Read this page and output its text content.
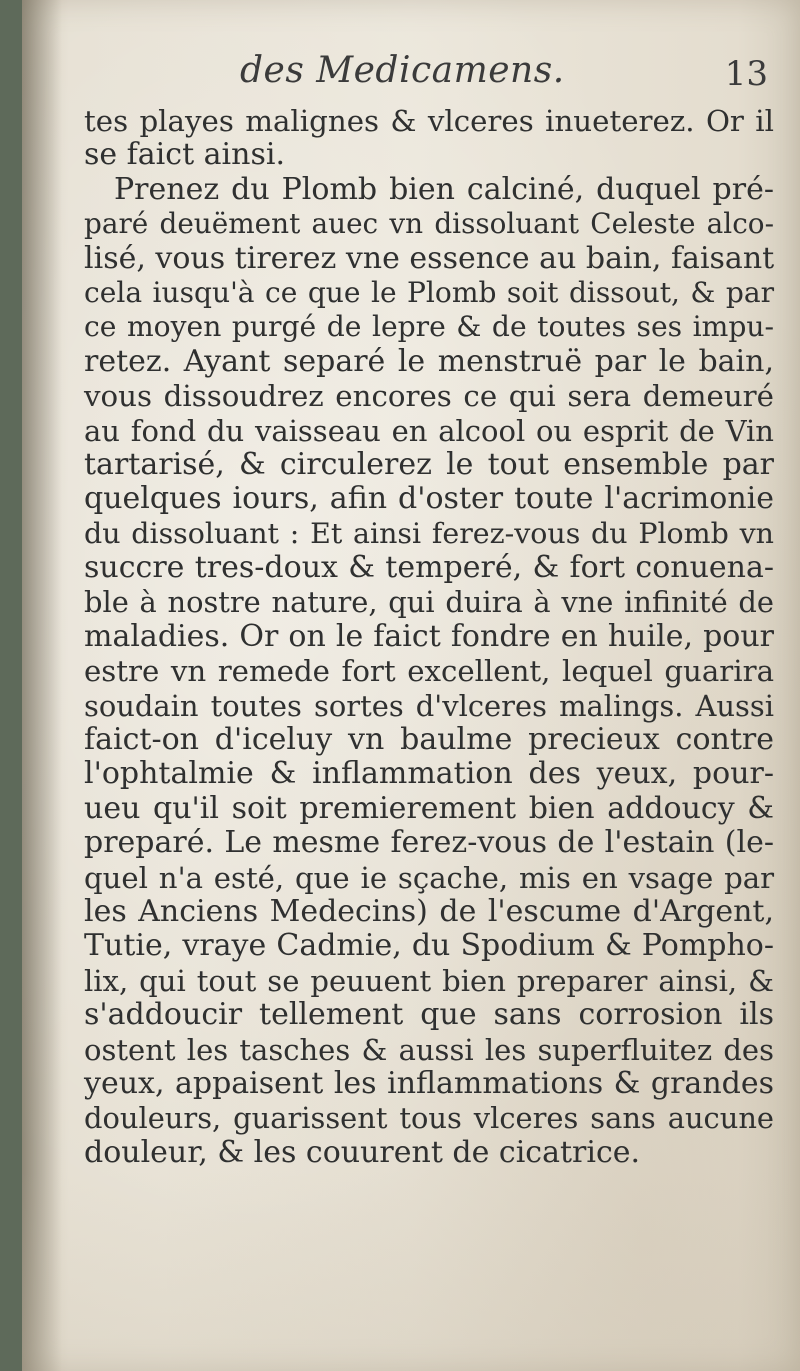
des Medicamens.	13
tes playes malignes & vlceres inueterez. Or il
se faict ainsi.
Prenez du Plomb bien calciné, duquel pré-
paré deuëment auec vn dissoluant Celeste alco-
lisé, vous tirerez vne essence au bain, faisant
cela iusqu'à ce que le Plomb soit dissout, & par
ce moyen purgé de lepre & de toutes ses impu-
retez. Ayant separé le menstruë par le bain,
vous dissoudrez encores ce qui sera demeuré
au fond du vaisseau en alcool ou esprit de Vin
tartarisé, & circulerez le tout ensemble par
quelques iours, afin d'oster toute l'acrimonie
du dissoluant : Et ainsi ferez-vous du Plomb vn
succre tres-doux & temperé, & fort conuena-
ble à nostre nature, qui duira à vne infinité de
maladies. Or on le faict fondre en huile, pour
estre vn remede fort excellent, lequel guarira
soudain toutes sortes d'vlceres malings. Aussi
faict-on d'iceluy vn baulme precieux contre
l'ophtalmie & inflammation des yeux, pour-
ueu qu'il soit premierement bien addoucy &
preparé. Le mesme ferez-vous de l'estain (le-
quel n'a esté, que ie sçache, mis en vsage par
les Anciens Medecins) de l'escume d'Argent,
Tutie, vraye Cadmie, du Spodium & Pompho-
lix, qui tout se peuuent bien preparer ainsi, &
s'addoucir tellement que sans corrosion ils
ostent les tasches & aussi les superfluitez des
yeux, appaisent les inflammations & grandes
douleurs, guarissent tous vlceres sans aucune
douleur, & les couurent de cicatrice.
